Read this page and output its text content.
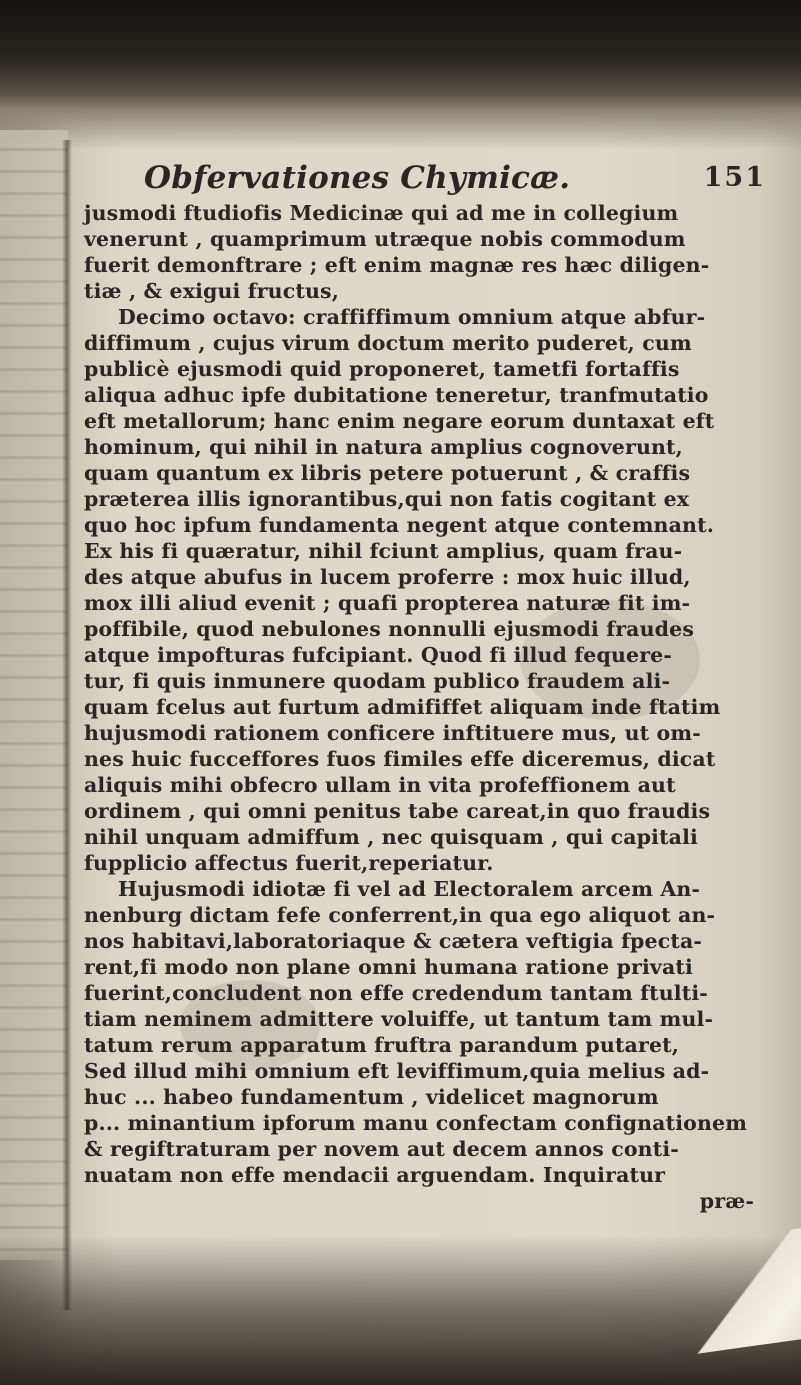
Obfervationes Chymicæ.	151
jusmodi ftudiofis Medicinæ qui ad me in collegium
venerunt , quamprimum utræque nobis commodum
fuerit demonftrare ; eft enim magnæ res hæc diligen-
tiæ , & exigui fructus,
Decimo octavo: craffiffimum omnium atque abfur-
diffimum , cujus virum doctum merito puderet, cum
publicè ejusmodi quid proponeret, tametfi fortaffis
aliqua adhuc ipfe dubitatione teneretur, tranfmutatio
eft metallorum; hanc enim negare eorum duntaxat eft
hominum, qui nihil in natura amplius cognoverunt,
quam quantum ex libris petere potuerunt , & craffis
præterea illis ignorantibus,qui non fatis cogitant ex
quo hoc ipfum fundamenta negent atque contemnant.
Ex his fi quæratur, nihil fciunt amplius, quam frau-
des atque abufus in lucem proferre : mox huic illud,
mox illi aliud evenit ; quafi propterea naturæ fit im-
poffibile, quod nebulones nonnulli ejusmodi fraudes
atque impofturas fufcipiant. Quod fi illud fequere-
tur, fi quis inmunere quodam publico fraudem ali-
quam fcelus aut furtum admififfet aliquam inde ftatim
hujusmodi rationem conficere inftituere mus, ut om-
nes huic fucceffores fuos fimiles effe diceremus, dicat
aliquis mihi obfecro ullam in vita profeffionem aut
ordinem , qui omni penitus tabe careat,in quo fraudis
nihil unquam admiffum , nec quisquam , qui capitali
fupplicio affectus fuerit,reperiatur.
Hujusmodi idiotæ fi vel ad Electoralem arcem An-
nenburg dictam fefe conferrent,in qua ego aliquot an-
nos habitavi,laboratoriaque & cætera veftigia fpecta-
rent,fi modo non plane omni humana ratione privati
fuerint,concludent non effe credendum tantam ftulti-
tiam neminem admittere voluiffe, ut tantum tam mul-
tatum rerum apparatum fruftra parandum putaret,
Sed illud mihi omnium eft leviffimum,quia melius ad-
huc ... habeo fundamentum , videlicet magnorum
p... minantium ipforum manu confectam confignationem
& regiftraturam per novem aut decem annos conti-
nuatam non effe mendacii arguendam. Inquiratur
præ-
